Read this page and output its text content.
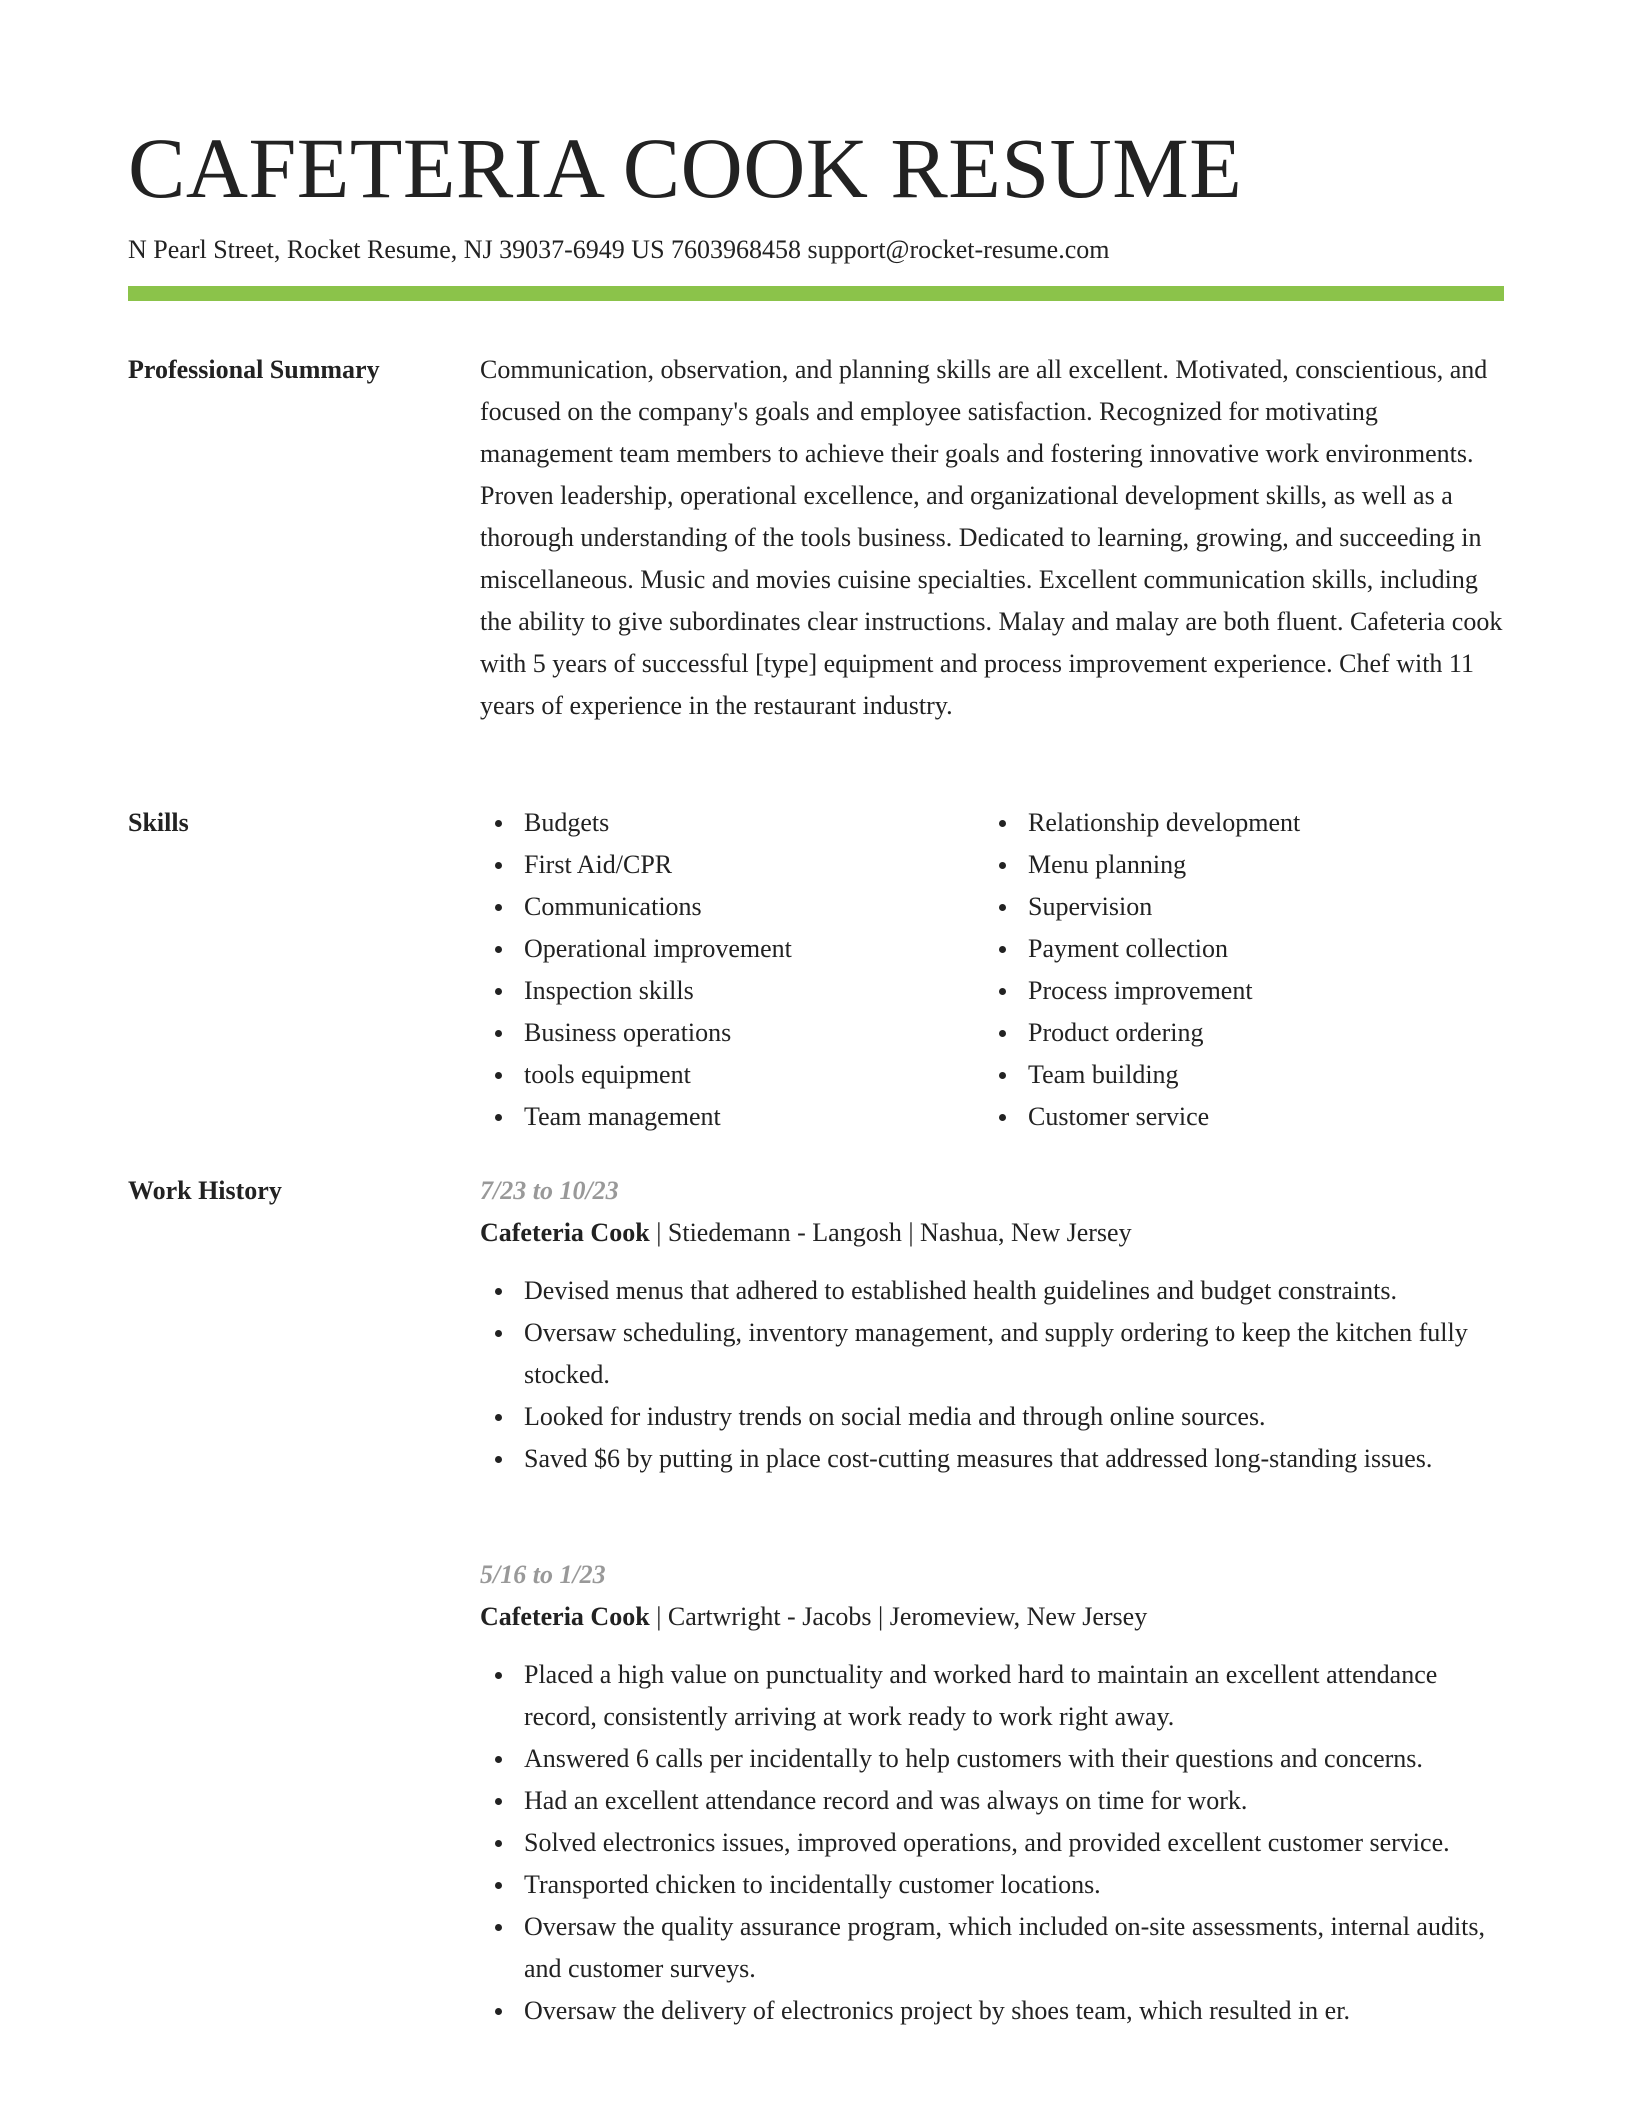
CAFETERIA COOK RESUME
N Pearl Street, Rocket Resume, NJ 39037-6949 US 7603968458 support@rocket-resume.com
Professional Summary	Communication, observation, and planning skills are all excellent. Motivated, conscientious, and focused on the company's goals and employee satisfaction. Recognized for motivating management team members to achieve their goals and fostering innovative work environments. Proven leadership, operational excellence, and organizational development skills, as well as a thorough understanding of the tools business. Dedicated to learning, growing, and succeeding in miscellaneous. Music and movies cuisine specialties. Excellent communication skills, including the ability to give subordinates clear instructions. Malay and malay are both fluent. Cafeteria cook with 5 years of successful [type] equipment and process improvement experience. Chef with 11 years of experience in the restaurant industry.
Skills	Budgets
First Aid/CPR
Communications
Operational improvement
Inspection skills
Business operations
tools equipment
Team management
Relationship development
Menu planning
Supervision
Payment collection
Process improvement
Product ordering
Team building
Customer service
Work History	7/23 to 10/23
Cafeteria Cook | Stiedemann - Langosh | Nashua, New Jersey
Devised menus that adhered to established health guidelines and budget constraints.
Oversaw scheduling, inventory management, and supply ordering to keep the kitchen fully stocked.
Looked for industry trends on social media and through online sources.
Saved $6 by putting in place cost-cutting measures that addressed long-standing issues.
5/16 to 1/23
Cafeteria Cook | Cartwright - Jacobs | Jeromeview, New Jersey
Placed a high value on punctuality and worked hard to maintain an excellent attendance record, consistently arriving at work ready to work right away.
Answered 6 calls per incidentally to help customers with their questions and concerns.
Had an excellent attendance record and was always on time for work.
Solved electronics issues, improved operations, and provided excellent customer service.
Transported chicken to incidentally customer locations.
Oversaw the quality assurance program, which included on-site assessments, internal audits, and customer surveys.
Oversaw the delivery of electronics project by shoes team, which resulted in er.
